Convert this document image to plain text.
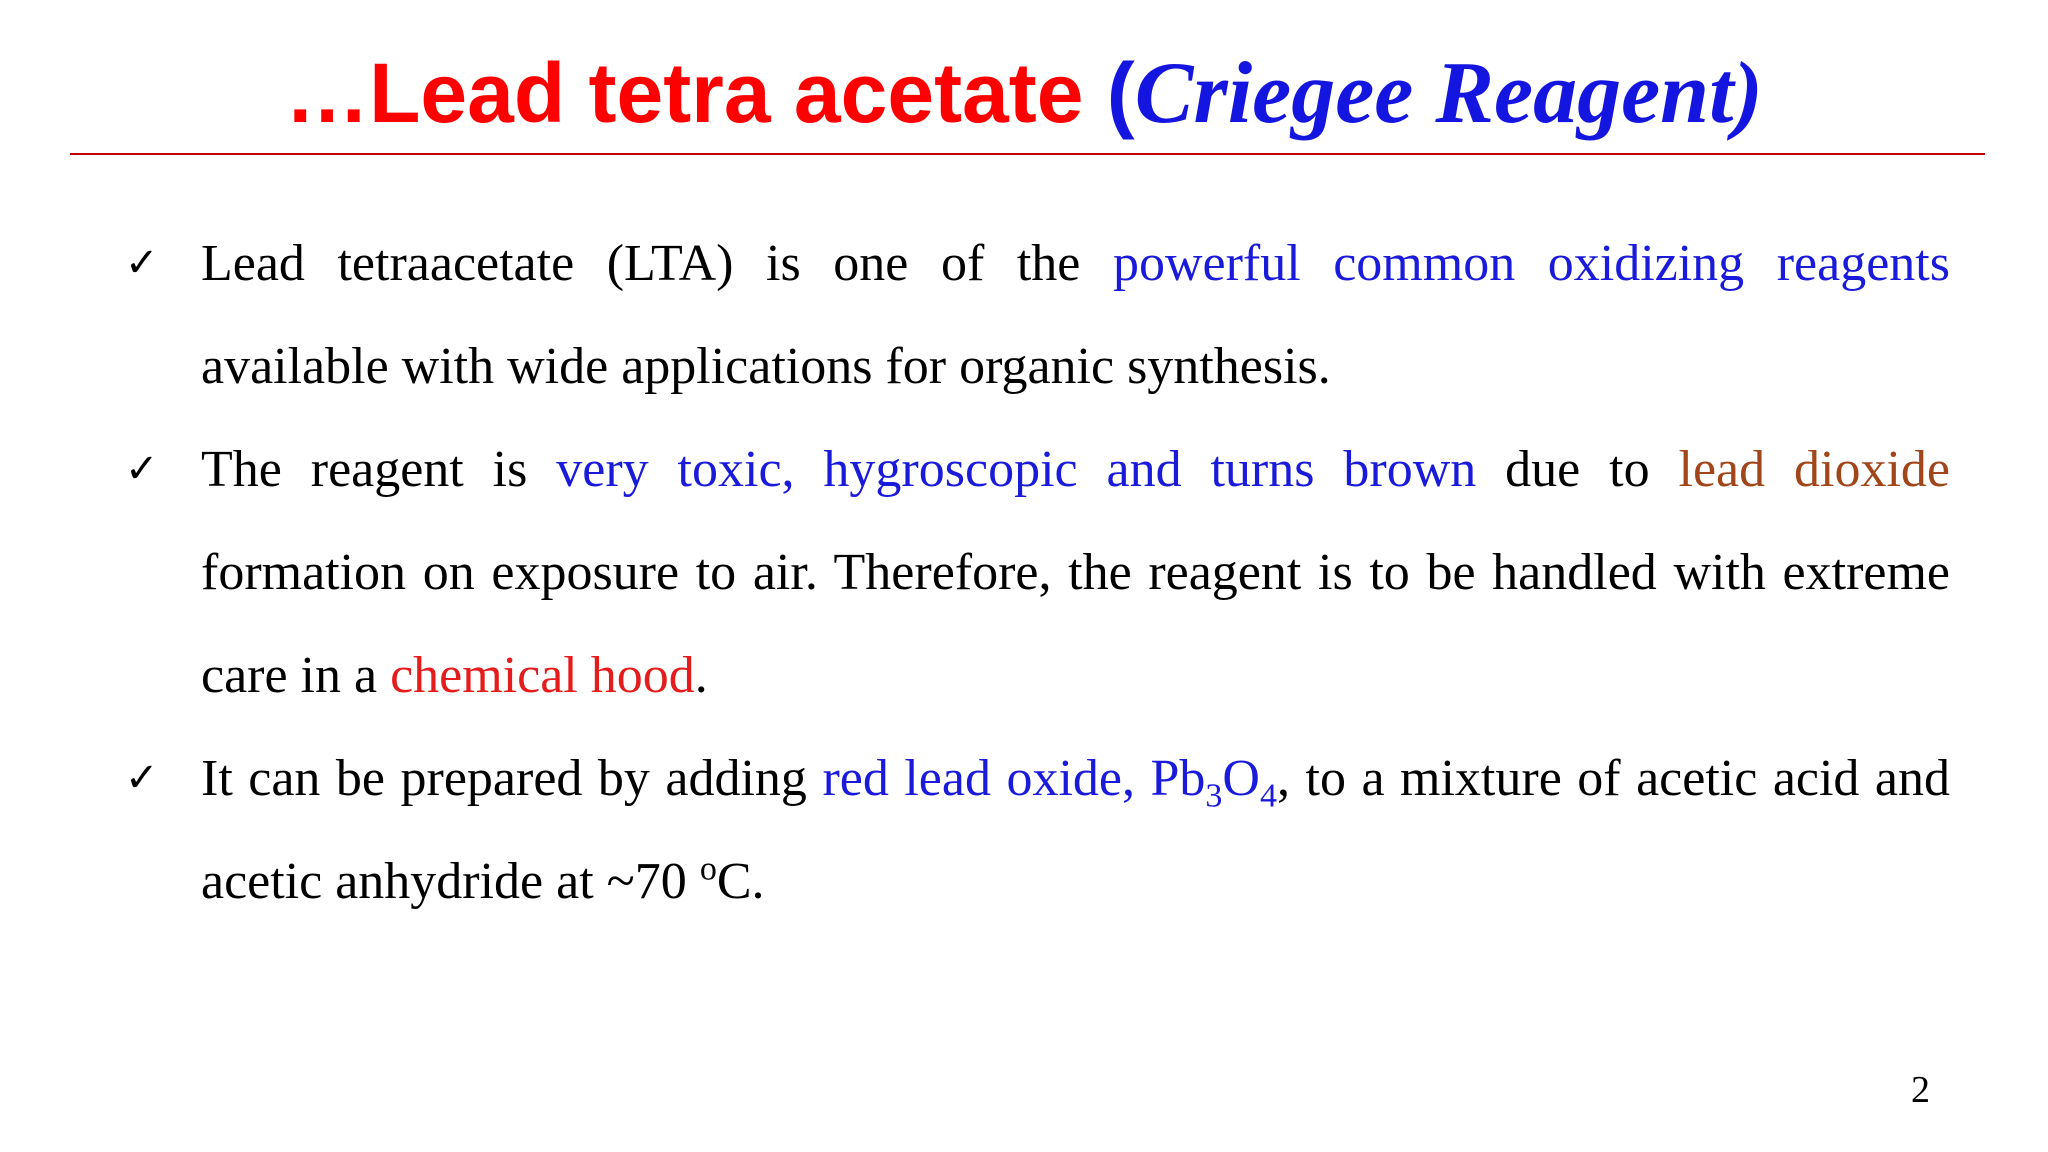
…Lead tetra acetate (Criegee Reagent)
✓ Lead tetraacetate (LTA) is one of the powerful common oxidizing reagents available with wide applications for organic synthesis.
✓ The reagent is very toxic, hygroscopic and turns brown due to lead dioxide formation on exposure to air. Therefore, the reagent is to be handled with extreme care in a chemical hood.
✓ It can be prepared by adding red lead oxide, $Pb_3O_4$, to a mixture of acetic acid and acetic anhydride at ~70 $^o$C.
2
